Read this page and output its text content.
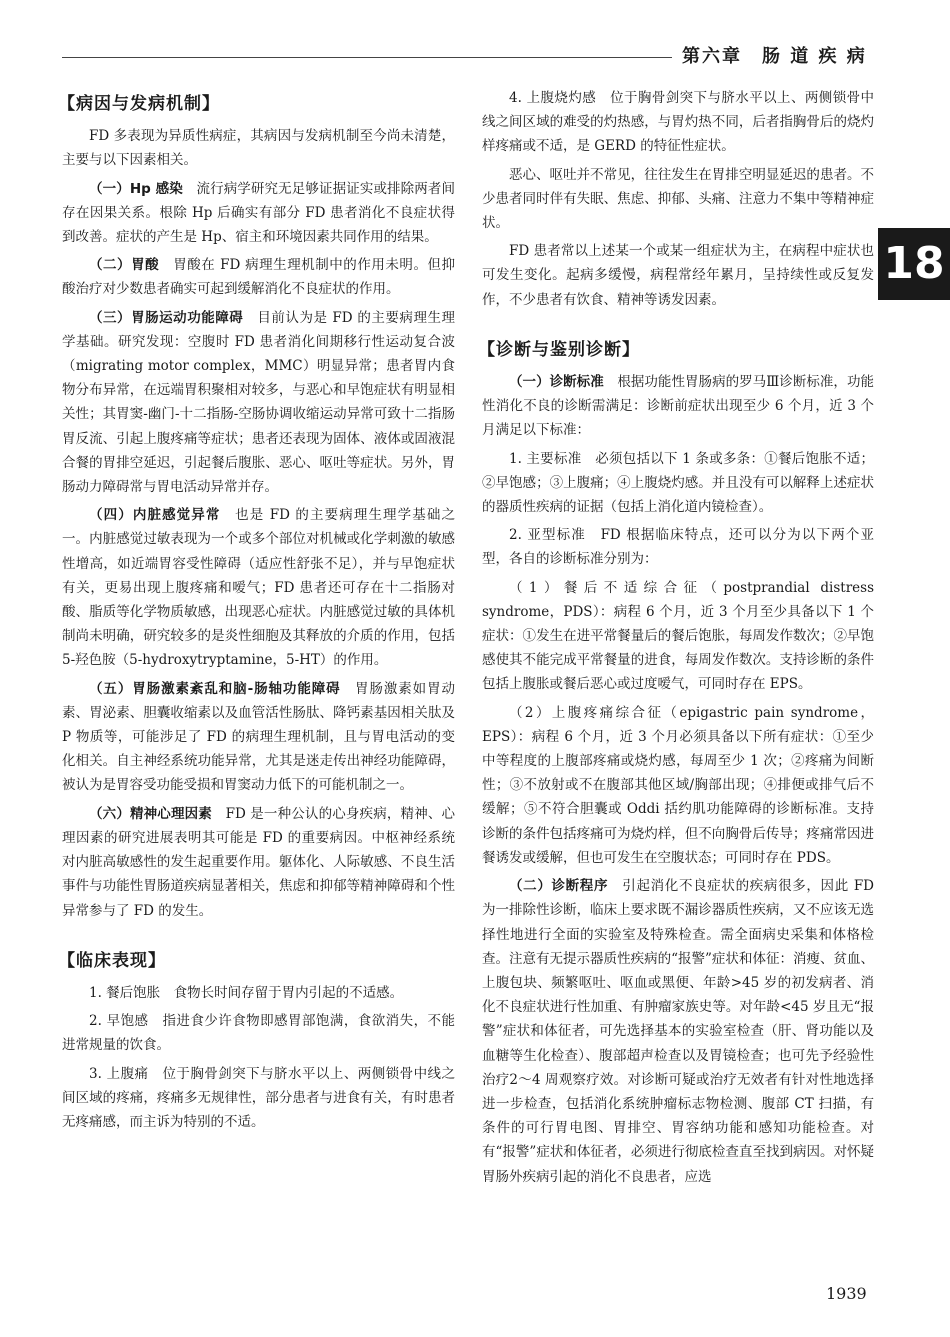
第六章　肠 道 疾 病
18
【病因与发病机制】

FD 多表现为异质性病症，其病因与发病机制至今尚未清楚，主要与以下因素相关。

（一）Hp 感染　 流行病学研究无足够证据证实或排除两者间存在因果关系。根除 Hp 后确实有部分 FD 患者消化不良症状得到改善。症状的产生是 Hp、宿主和环境因素共同作用的结果。

（二）胃酸　 胃酸在 FD 病理生理机制中的作用未明。但抑酸治疗对少数患者确实可起到缓解消化不良症状的作用。

（三）胃肠运动功能障碍　 目前认为是 FD 的主要病理生理学基础。研究发现：空腹时 FD 患者消化间期移行性运动复合波（migrating motor complex，MMC）明显异常；患者胃内食物分布异常，在远端胃积聚相对较多，与恶心和早饱症状有明显相关性；其胃窦-幽门-十二指肠-空肠协调收缩运动异常可致十二指肠胃反流、引起上腹疼痛等症状；患者还表现为固体、液体或固液混合餐的胃排空延迟，引起餐后腹胀、恶心、呕吐等症状。另外，胃肠动力障碍常与胃电活动异常并存。

（四）内脏感觉异常　 也是 FD 的主要病理生理学基础之一。内脏感觉过敏表现为一个或多个部位对机械或化学刺激的敏感性增高，如近端胃容受性障碍（适应性舒张不足），并与早饱症状有关，更易出现上腹疼痛和嗳气；FD 患者还可存在十二指肠对酸、脂质等化学物质敏感，出现恶心症状。内脏感觉过敏的具体机制尚未明确，研究较多的是炎性细胞及其释放的介质的作用，包括 5-羟色胺（5-hydroxytryptamine，5-HT）的作用。

（五）胃肠激素紊乱和脑-肠轴功能障碍　 胃肠激素如胃动素、胃泌素、胆囊收缩素以及血管活性肠肽、降钙素基因相关肽及 P 物质等，可能涉足了 FD 的病理生理机制，且与胃电活动的变化相关。自主神经系统功能异常，尤其是迷走传出神经功能障碍，被认为是胃容受功能受损和胃窦动力低下的可能机制之一。

（六）精神心理因素　 FD 是一种公认的心身疾病，精神、心理因素的研究进展表明其可能是 FD 的重要病因。中枢神经系统对内脏高敏感性的发生起重要作用。躯体化、人际敏感、不良生活事件与功能性胃肠道疾病显著相关，焦虑和抑郁等精神障碍和个性异常参与了 FD 的发生。

【临床表现】

1. 餐后饱胀　 食物长时间存留于胃内引起的不适感。

2. 早饱感　 指进食少许食物即感胃部饱满，食欲消失，不能进常规量的饮食。

3. 上腹痛　 位于胸骨剑突下与脐水平以上、两侧锁骨中线之间区域的疼痛，疼痛多无规律性，部分患者与进食有关，有时患者无疼痛感，而主诉为特别的不适。

4. 上腹烧灼感　 位于胸骨剑突下与脐水平以上、两侧锁骨中线之间区域的难受的灼热感，与胃灼热不同，后者指胸骨后的烧灼样疼痛或不适，是 GERD 的特征性症状。

恶心、呕吐并不常见，往往发生在胃排空明显延迟的患者。不少患者同时伴有失眠、焦虑、抑郁、头痛、注意力不集中等精神症状。

FD 患者常以上述某一个或某一组症状为主，在病程中症状也可发生变化。起病多缓慢，病程常经年累月，呈持续性或反复发作，不少患者有饮食、精神等诱发因素。

【诊断与鉴别诊断】

（一）诊断标准　 根据功能性胃肠病的罗马Ⅲ诊断标准，功能性消化不良的诊断需满足：诊断前症状出现至少 6 个月，近 3 个月满足以下标准：

1. 主要标准　 必须包括以下 1 条或多条：①餐后饱胀不适；②早饱感；③上腹痛；④上腹烧灼感。并且没有可以解释上述症状的器质性疾病的证据（包括上消化道内镜检查）。

2. 亚型标准　 FD 根据临床特点，还可以分为以下两个亚型，各自的诊断标准分别为：

（1）餐后不适综合征（postprandial distress syndrome，PDS）：病程 6 个月，近 3 个月至少具备以下 1 个症状：①发生在进平常餐量后的餐后饱胀，每周发作数次；②早饱感使其不能完成平常餐量的进食，每周发作数次。支持诊断的条件包括上腹胀或餐后恶心或过度嗳气，可同时存在 EPS。

（2）上腹疼痛综合征（epigastric pain syndrome，EPS）：病程 6 个月，近 3 个月必须具备以下所有症状：①至少中等程度的上腹部疼痛或烧灼感，每周至少 1 次；②疼痛为间断性；③不放射或不在腹部其他区域/胸部出现；④排便或排气后不缓解；⑤不符合胆囊或 Oddi 括约肌功能障碍的诊断标准。支持诊断的条件包括疼痛可为烧灼样，但不向胸骨后传导；疼痛常因进餐诱发或缓解，但也可发生在空腹状态；可同时存在 PDS。

（二）诊断程序　 引起消化不良症状的疾病很多，因此 FD 为一排除性诊断，临床上要求既不漏诊器质性疾病，又不应该无选择性地进行全面的实验室及特殊检查。需全面病史采集和体格检查。注意有无提示器质性疾病的“报警”症状和体征：消瘦、贫血、上腹包块、频繁呕吐、呕血或黑便、年龄>45 岁的初发病者、消化不良症状进行性加重、有肿瘤家族史等。对年龄<45 岁且无“报警”症状和体征者，可先选择基本的实验室检查（肝、肾功能以及血糖等生化检查）、腹部超声检查以及胃镜检查；也可先予经验性治疗2～4 周观察疗效。对诊断可疑或治疗无效者有针对性地选择进一步检查，包括消化系统肿瘤标志物检测、腹部 CT 扫描，有条件的可行胃电图、胃排空、胃容纳功能和感知功能检查。对有“报警”症状和体征者，必须进行彻底检查直至找到病因。对怀疑胃肠外疾病引起的消化不良患者，应选

1939
